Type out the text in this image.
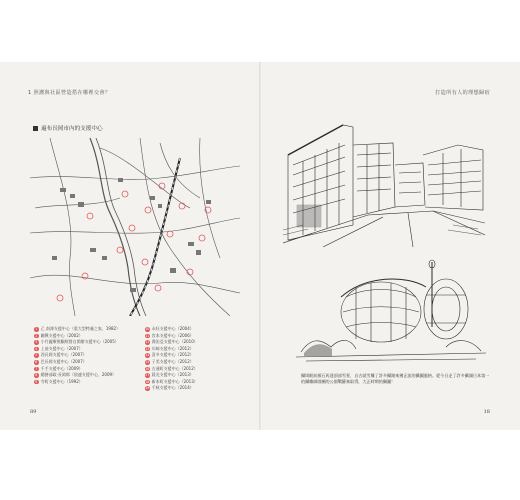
1 照護與社區營造搭在哪裡交會？	打造所有人的理想歸宿
遍布長岡市內的支援中心
1 乙 南澤支援中心（重大型特養之家，1982）
2 關興支援中心（2002）
3 小竹麗療照顧經營自開辦支援中心（2005）
4 上前支援中心（2007）
5 西長岡支援中心（2007）
6 巴長岡支援中心（2007）
7 千手支援中心（2009）
8 總務部政·長岡郎（依連支援中心，2009）
9 寺町支援中心（1992）
10 永旺支援中心（2004）
11 宮本支援中心（2006）
12 喬治亞支援中心（2010）
13 川崎支援中心（2012）
14 喜多支援中心（2012）
15 子美支援中心（2012）
16 古通町支援中心（2012）
17 晨光支援中心（2013）
18 新本町支援中心（2013）
19 千秋支援中心（2014）
89	18
攝岡駅前雁石馬達頂部雪景，自古就雪雕了許多攝湖來佛正流的攝圖風格。從今日走了許多攝湖日本第一的攝雕師園團的公園戰羅來取得，大正時期的攝圖！
